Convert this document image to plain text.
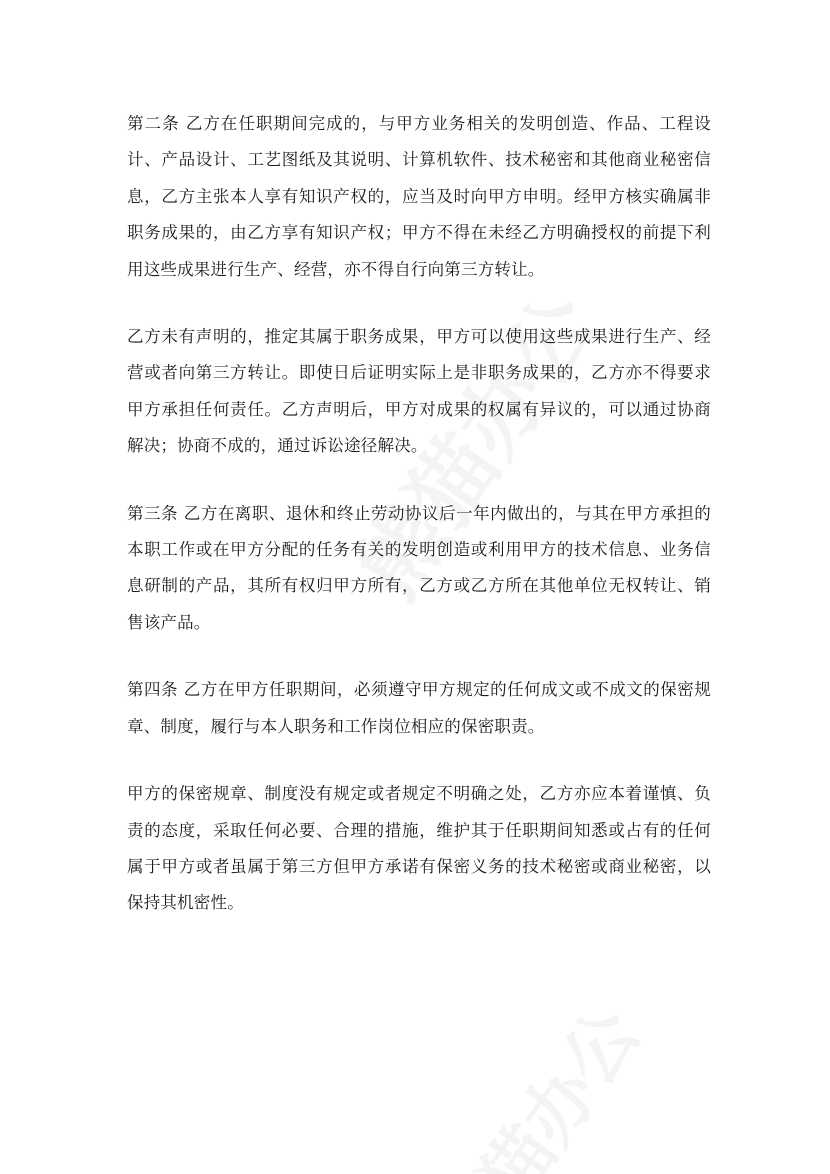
第二条 乙方在任职期间完成的，与甲方业务相关的发明创造、作品、工程设计、产品设计、工艺图纸及其说明、计算机软件、技术秘密和其他商业秘密信息，乙方主张本人享有知识产权的，应当及时向甲方申明。经甲方核实确属非职务成果的，由乙方享有知识产权；甲方不得在未经乙方明确授权的前提下利用这些成果进行生产、经营，亦不得自行向第三方转让。

乙方未有声明的，推定其属于职务成果，甲方可以使用这些成果进行生产、经营或者向第三方转让。即使日后证明实际上是非职务成果的，乙方亦不得要求甲方承担任何责任。乙方声明后，甲方对成果的权属有异议的，可以通过协商解决；协商不成的，通过诉讼途径解决。

第三条 乙方在离职、退休和终止劳动协议后一年内做出的，与其在甲方承担的本职工作或在甲方分配的任务有关的发明创造或利用甲方的技术信息、业务信息研制的产品，其所有权归甲方所有，乙方或乙方所在其他单位无权转让、销售该产品。

第四条 乙方在甲方任职期间，必须遵守甲方规定的任何成文或不成文的保密规章、制度，履行与本人职务和工作岗位相应的保密职责。

甲方的保密规章、制度没有规定或者规定不明确之处，乙方亦应本着谨慎、负责的态度，采取任何必要、合理的措施，维护其于任职期间知悉或占有的任何属于甲方或者虽属于第三方但甲方承诺有保密义务的技术秘密或商业秘密，以保持其机密性。
